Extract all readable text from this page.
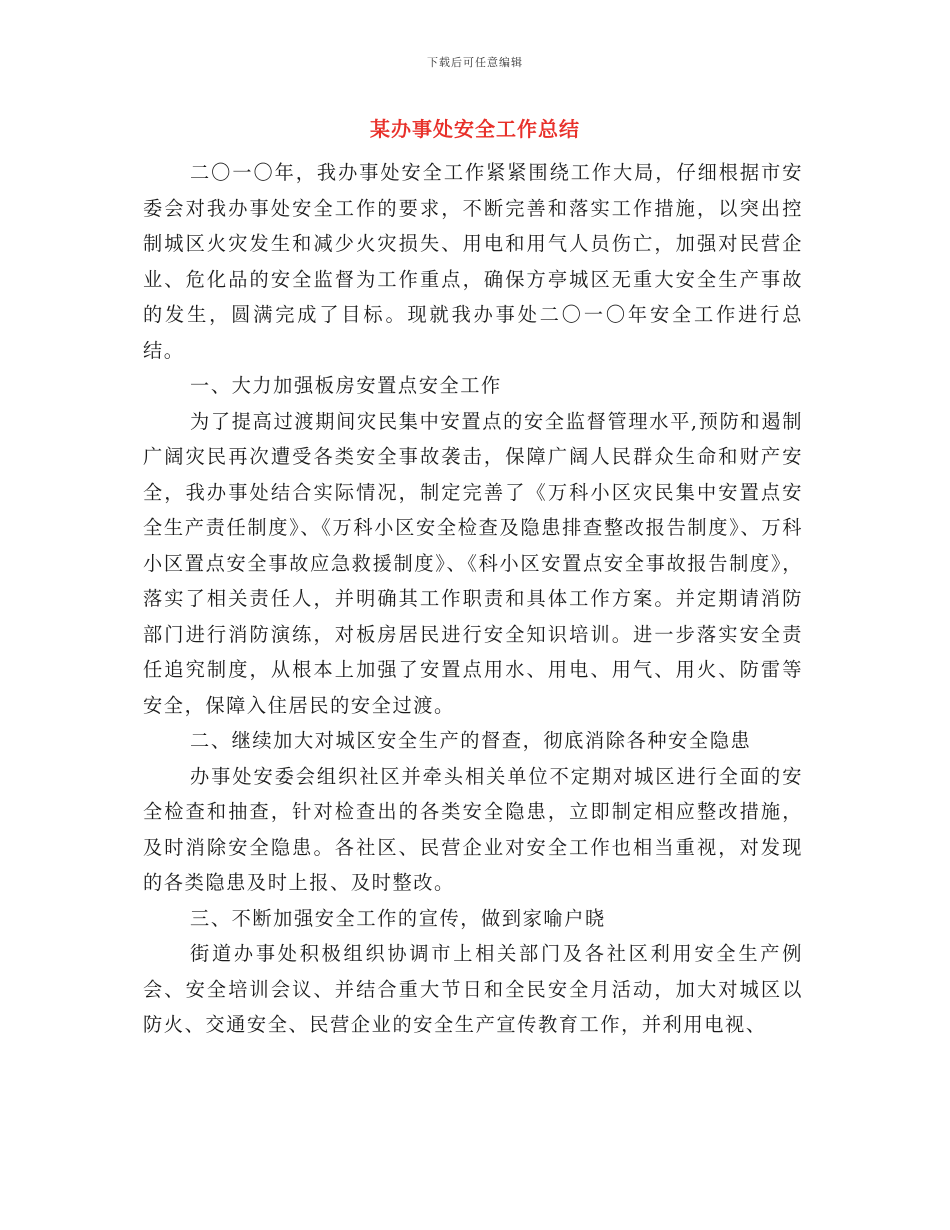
下载后可任意编辑
某办事处安全工作总结

二〇一〇年，我办事处安全工作紧紧围绕工作大局，仔细根据市安委会对我办事处安全工作的要求，不断完善和落实工作措施，以突出控制城区火灾发生和减少火灾损失、用电和用气人员伤亡，加强对民营企业、危化品的安全监督为工作重点，确保方亭城区无重大安全生产事故的发生，圆满完成了目标。现就我办事处二〇一〇年安全工作进行总结。

一、大力加强板房安置点安全工作

为了提高过渡期间灾民集中安置点的安全监督管理水平,预防和遏制广阔灾民再次遭受各类安全事故袭击，保障广阔人民群众生命和财产安全，我办事处结合实际情况，制定完善了《万科小区灾民集中安置点安全生产责任制度》、《万科小区安全检查及隐患排查整改报告制度》、万科小区置点安全事故应急救援制度》、《科小区安置点安全事故报告制度》，落实了相关责任人，并明确其工作职责和具体工作方案。并定期请消防部门进行消防演练，对板房居民进行安全知识培训。进一步落实安全责任追究制度，从根本上加强了安置点用水、用电、用气、用火、防雷等安全，保障入住居民的安全过渡。

二、继续加大对城区安全生产的督查，彻底消除各种安全隐患

办事处安委会组织社区并牵头相关单位不定期对城区进行全面的安全检查和抽查，针对检查出的各类安全隐患，立即制定相应整改措施，及时消除安全隐患。各社区、民营企业对安全工作也相当重视，对发现的各类隐患及时上报、及时整改。

三、不断加强安全工作的宣传，做到家喻户晓

街道办事处积极组织协调市上相关部门及各社区利用安全生产例会、安全培训会议、并结合重大节日和全民安全月活动，加大对城区以防火、交通安全、民营企业的安全生产宣传教育工作，并利用电视、
